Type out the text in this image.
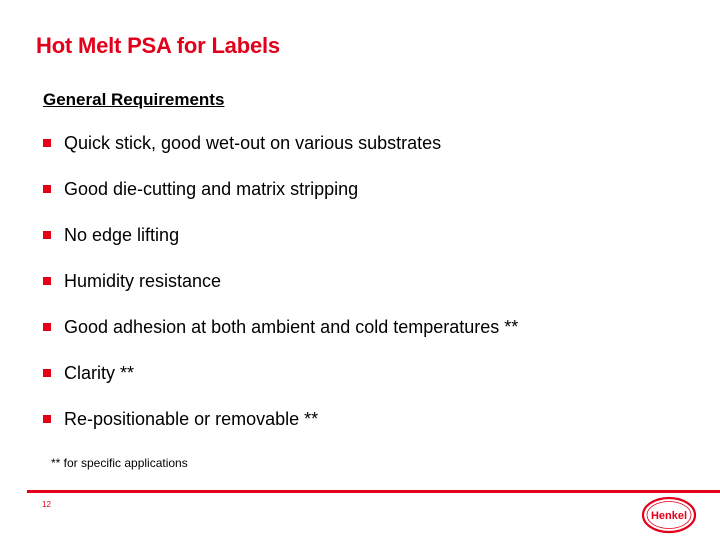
Hot Melt PSA for Labels
General Requirements
Quick stick, good wet-out on various substrates
Good die-cutting and matrix stripping
No edge lifting
Humidity resistance
Good adhesion at both ambient and cold temperatures **
Clarity **
Re-positionable or removable **
** for specific applications
12
Henkel
